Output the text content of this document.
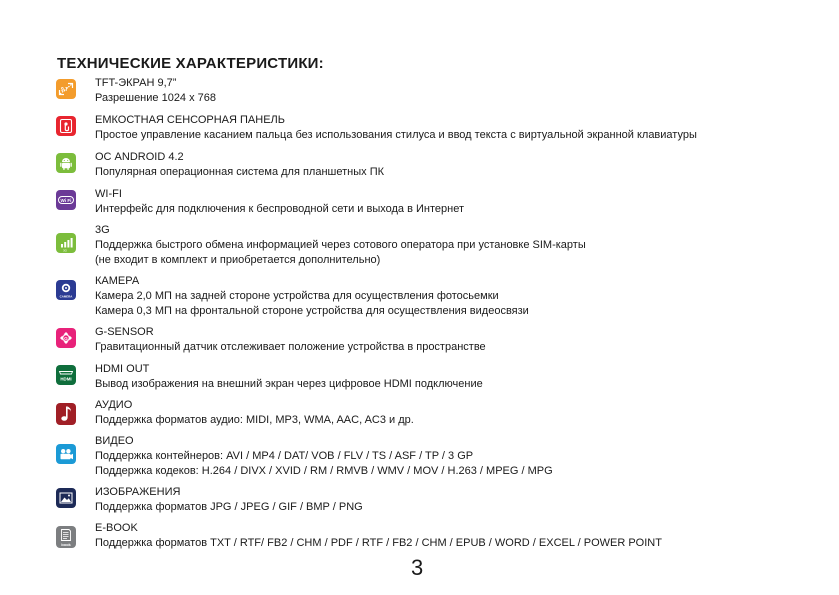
ТЕХНИЧЕСКИЕ ХАРАКТЕРИСТИКИ:
9,7
TFT-ЭКРАН 9,7”
Разрешение 1024 x 768
ЕМКОСТНАЯ СЕНСОРНАЯ ПАНЕЛЬ
Простое управление касанием пальца без использования стилуса и ввод текста с виртуальной экранной клавиатуры
ОС ANDROID 4.2
Популярная операционная система для планшетных ПК
Wi Fi
WI-FI
Интерфейс для подключения к беспроводной сети и выхода в Интернет
3G
3G
Поддержка быстрого обмена информацией через сотового оператора при установке SIM-карты
(не входит в комплект и приобретается дополнительно)
CAMERA
КАМЕРА
Камера 2,0 МП на задней стороне устройства для осуществления фотосьемки
Камера 0,3 МП на фронтальной стороне устройства для осуществления видеосвязи
G
G-SENSOR
Гравитационный датчик отслеживает положение устройства в пространстве
HDMI
HDMI OUT
Вывод изображения на внешний экран через цифровое HDMI подключение
АУДИО
Поддержка форматов аудио: MIDI, MP3, WMA, AAC, AC3 и др.
ВИДЕО
Поддержка контейнеров: AVI / MP4 / DAT/ VOB / FLV / TS / ASF / TP / 3 GP
Поддержка кодеков: H.264 / DIVX / XVID / RM / RMVB / WMV / MOV / H.263 / MPEG / MPG
ИЗОБРАЖЕНИЯ
Поддержка форматов JPG / JPEG / GIF / BMP / PNG
book
E-BOOK
Поддержка форматов TXT / RTF/ FB2 / CHM / PDF / RTF / FB2 / CHM / EPUB / WORD / EXCEL / POWER POINT
3
